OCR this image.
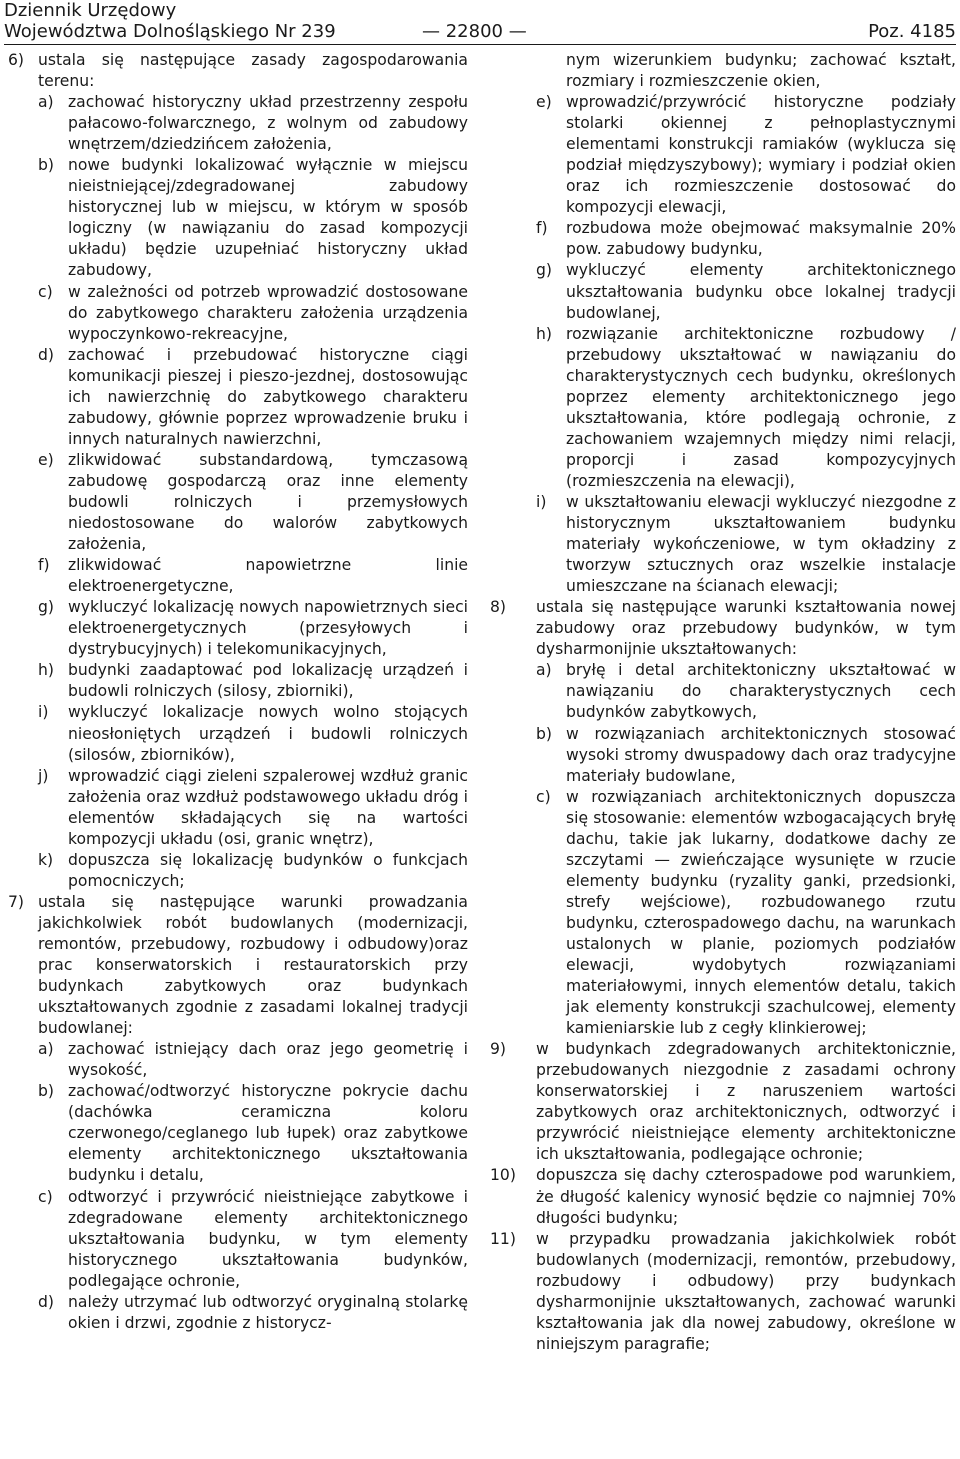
Dziennik Urzędowy
Województwa Dolnośląskiego Nr 239	— 22800 —	Poz. 4185
6) ustala się następujące zasady zagospodarowania terenu:
a) zachować historyczny układ przestrzenny zespołu pałacowo-folwarcznego, z wolnym od zabudowy wnętrzem/dziedzińcem założenia,
b) nowe budynki lokalizować wyłącznie w miejscu nieistniejącej/zdegradowanej zabudowy historycznej lub w miejscu, w którym w sposób logiczny (w nawiązaniu do zasad kompozycji układu) będzie uzupełniać historyczny układ zabudowy,
c) w zależności od potrzeb wprowadzić dostosowane do zabytkowego charakteru założenia urządzenia wypoczynkowo-rekreacyjne,
d) zachować i przebudować historyczne ciągi komunikacji pieszej i pieszo-jezdnej, dostosowując ich nawierzchnię do zabytkowego charakteru zabudowy, głównie poprzez wprowadzenie bruku i innych naturalnych nawierzchni,
e) zlikwidować substandardową, tymczasową zabudowę gospodarczą oraz inne elementy budowli rolniczych i przemysłowych niedostosowane do walorów zabytkowych założenia,
f) zlikwidować napowietrzne linie elektroenergetyczne,
g) wykluczyć lokalizację nowych napowietrznych sieci elektroenergetycznych (przesyłowych i dystrybucyjnych) i telekomunikacyjnych,
h) budynki zaadaptować pod lokalizację urządzeń i budowli rolniczych (silosy, zbiorniki),
i) wykluczyć lokalizacje nowych wolno stojących nieosłoniętych urządzeń i budowli rolniczych (silosów, zbiorników),
j) wprowadzić ciągi zieleni szpalerowej wzdłuż granic założenia oraz wzdłuż podstawowego układu dróg i elementów składających się na wartości kompozycji układu (osi, granic wnętrz),
k) dopuszcza się lokalizację budynków o funkcjach pomocniczych;
7) ustala się następujące warunki prowadzania jakichkolwiek robót budowlanych (modernizacji, remontów, przebudowy, rozbudowy i odbudowy)oraz prac konserwatorskich i restauratorskich przy budynkach zabytkowych oraz budynkach ukształtowanych zgodnie z zasadami lokalnej tradycji budowlanej:
a) zachować istniejący dach oraz jego geometrię i wysokość,
b) zachować/odtworzyć historyczne pokrycie dachu (dachówka ceramiczna koloru czerwonego/ceglanego lub łupek) oraz zabytkowe elementy architektonicznego ukształtowania budynku i detalu,
c) odtworzyć i przywrócić nieistniejące zabytkowe i zdegradowane elementy architektonicznego ukształtowania budynku, w tym elementy historycznego ukształtowania budynków, podlegające ochronie,
d) należy utrzymać lub odtworzyć oryginalną stolarkę okien i drzwi, zgodnie z historycz-
nym wizerunkiem budynku; zachować kształt, rozmiary i rozmieszczenie okien,
e) wprowadzić/przywrócić historyczne podziały stolarki okiennej z pełnoplastycznymi elementami konstrukcji ramiaków (wyklucza się podział międzyszybowy); wymiary i podział okien oraz ich rozmieszczenie dostosować do kompozycji elewacji,
f) rozbudowa może obejmować maksymalnie 20% pow. zabudowy budynku,
g) wykluczyć elementy architektonicznego ukształtowania budynku obce lokalnej tradycji budowlanej,
h) rozwiązanie architektoniczne rozbudowy / przebudowy ukształtować w nawiązaniu do charakterystycznych cech budynku, określonych poprzez elementy architektonicznego jego ukształtowania, które podlegają ochronie, z zachowaniem wzajemnych między nimi relacji, proporcji i zasad kompozycyjnych (rozmieszczenia na elewacji),
i) w ukształtowaniu elewacji wykluczyć niezgodne z historycznym ukształtowaniem budynku materiały wykończeniowe, w tym okładziny z tworzyw sztucznych oraz wszelkie instalacje umieszczane na ścianach elewacji;
8) ustala się następujące warunki kształtowania nowej zabudowy oraz przebudowy budynków, w tym dysharmonijnie ukształtowanych:
a) bryłę i detal architektoniczny ukształtować w nawiązaniu do charakterystycznych cech budynków zabytkowych,
b) w rozwiązaniach architektonicznych stosować wysoki stromy dwuspadowy dach oraz tradycyjne materiały budowlane,
c) w rozwiązaniach architektonicznych dopuszcza się stosowanie: elementów wzbogacających bryłę dachu, takie jak lukarny, dodatkowe dachy ze szczytami — zwieńczające wysunięte w rzucie elementy budynku (ryzality ganki, przedsionki, strefy wejściowe), rozbudowanego rzutu budynku, czterospadowego dachu, na warunkach ustalonych w planie, poziomych podziałów elewacji, wydobytych rozwiązaniami materiałowymi, innych elementów detalu, takich jak elementy konstrukcji szachulcowej, elementy kamieniarskie lub z cegły klinkierowej;
9) w budynkach zdegradowanych architektonicznie, przebudowanych niezgodnie z zasadami ochrony konserwatorskiej i z naruszeniem wartości zabytkowych oraz architektonicznych, odtworzyć i przywrócić nieistniejące elementy architektoniczne ich ukształtowania, podlegające ochronie;
10) dopuszcza się dachy czterospadowe pod warunkiem, że długość kalenicy wynosić będzie co najmniej 70% długości budynku;
11) w przypadku prowadzania jakichkolwiek robót budowlanych (modernizacji, remontów, przebudowy, rozbudowy i odbudowy) przy budynkach dysharmonijnie ukształtowanych, zachować warunki kształtowania jak dla nowej zabudowy, określone w niniejszym paragrafie;
